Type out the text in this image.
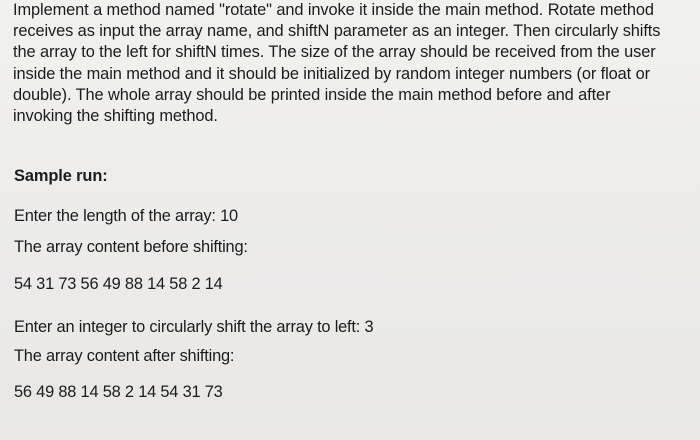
Implement a method named "rotate" and invoke it inside the main method. Rotate method
receives as input the array name, and shiftN parameter as an integer. Then circularly shifts
the array to the left for shiftN times. The size of the array should be received from the user
inside the main method and it should be initialized by random integer numbers (or float or
double). The whole array should be printed inside the main method before and after
invoking the shifting method.

Sample run:

Enter the length of the array: 10

The array content before shifting:

54 31 73 56 49 88 14 58 2 14

Enter an integer to circularly shift the array to left: 3

The array content after shifting:

56 49 88 14 58 2 14 54 31 73
